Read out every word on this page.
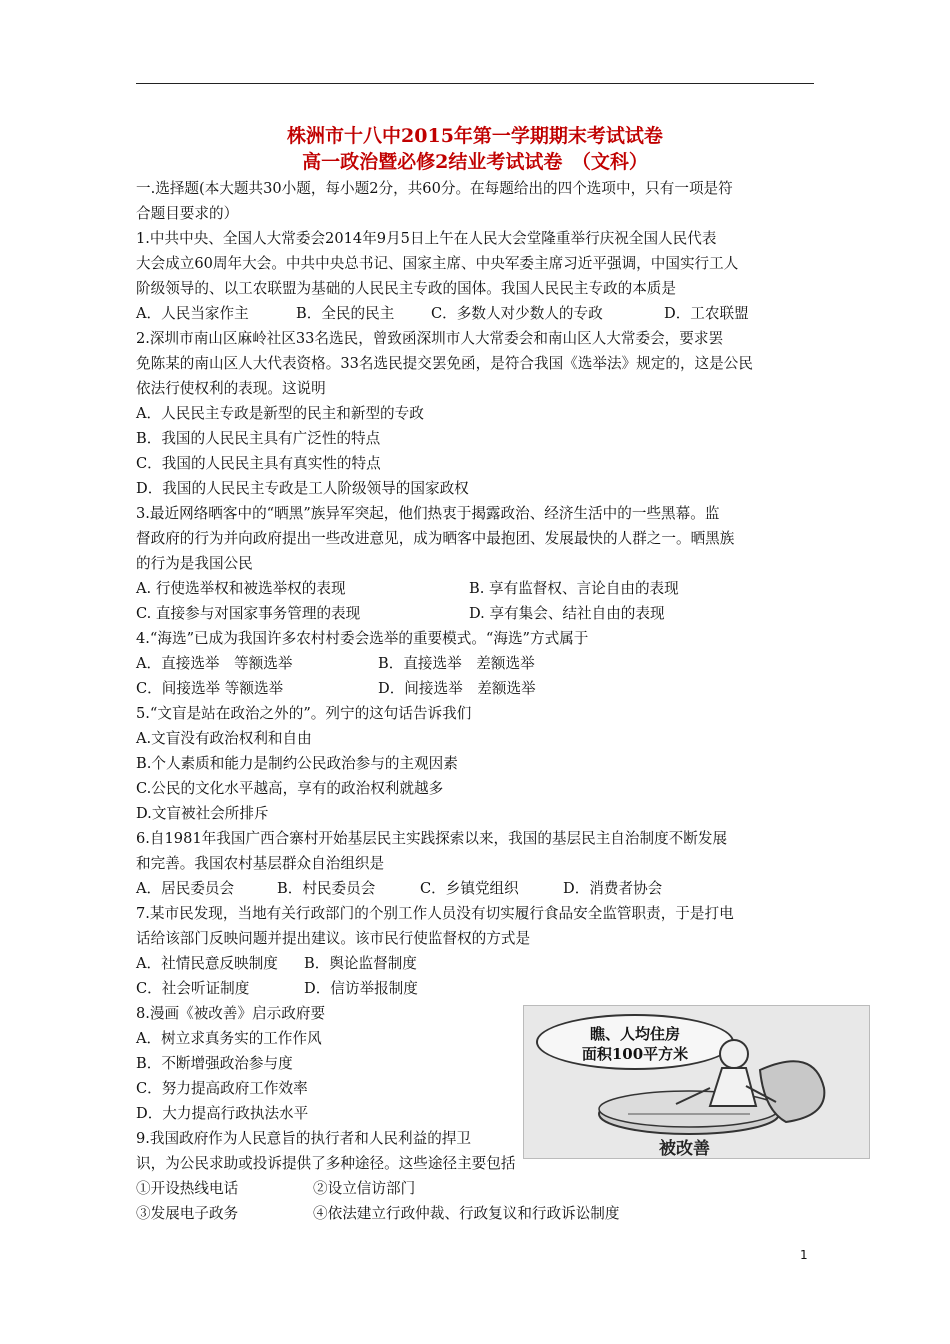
株洲市十八中2015年第一学期期末考试试卷
高一政治暨必修2结业考试试卷　（文科）
一.选择题(本大题共30小题，每小题2分，共60分。在每题给出的四个选项中，只有一项是符
合题目要求的）
1.中共中央、全国人大常委会2014年9月5日上午在人民大会堂隆重举行庆祝全国人民代表
大会成立60周年大会。中共中央总书记、国家主席、中央军委主席习近平强调，中国实行工人
阶级领导的、以工农联盟为基础的人民民主专政的国体。我国人民民主专政的本质是
A．人民当家作主	B．全民的民主	C．多数人对少数人的专政	D．工农联盟
2.深圳市南山区麻岭社区33名选民，曾致函深圳市人大常委会和南山区人大常委会，要求罢
免陈某的南山区人大代表资格。33名选民提交罢免函，是符合我国《选举法》规定的，这是公民
依法行使权利的表现。这说明
A．人民民主专政是新型的民主和新型的专政
B．我国的人民民主具有广泛性的特点
C．我国的人民民主具有真实性的特点
D．我国的人民民主专政是工人阶级领导的国家政权
3.最近网络晒客中的“晒黑”族异军突起，他们热衷于揭露政治、经济生活中的一些黑幕。监
督政府的行为并向政府提出一些改进意见，成为晒客中最抱团、发展最快的人群之一。晒黑族
的行为是我国公民
A. 行使选举权和被选举权的表现	B. 享有监督权、言论自由的表现
C. 直接参与对国家事务管理的表现	D. 享有集会、结社自由的表现
4.“海选”已成为我国许多农村村委会选举的重要模式。“海选”方式属于
A．直接选举　等额选举	B．直接选举　差额选举
C．间接选举 等额选举	D．间接选举　差额选举
5.“文盲是站在政治之外的”。列宁的这句话告诉我们
A.文盲没有政治权利和自由
B.个人素质和能力是制约公民政治参与的主观因素
C.公民的文化水平越高，享有的政治权利就越多
D.文盲被社会所排斥
6.自1981年我国广西合寨村开始基层民主实践探索以来，我国的基层民主自治制度不断发展
和完善。我国农村基层群众自治组织是
A．居民委员会	B．村民委员会	C．乡镇党组织	D．消费者协会
7.某市民发现，当地有关行政部门的个别工作人员没有切实履行食品安全监管职责，于是打电
话给该部门反映问题并提出建议。该市民行使监督权的方式是
A．社情民意反映制度 B．舆论监督制度
C．社会听证制度	D．信访举报制度
8.漫画《被改善》启示政府要
A．树立求真务实的工作作风
B．不断增强政治参与度
C．努力提高政府工作效率
D．大力提高行政执法水平
9.我国政府作为人民意旨的执行者和人民利益的捍卫
识，为公民求助或投诉提供了多种途径。这些途径主要包括
①开设热线电话	②设立信访部门
③发展电子政务	④依法建立行政仲裁、行政复议和行政诉讼制度
瞧、人均住房
面积100平方米
被改善
1
